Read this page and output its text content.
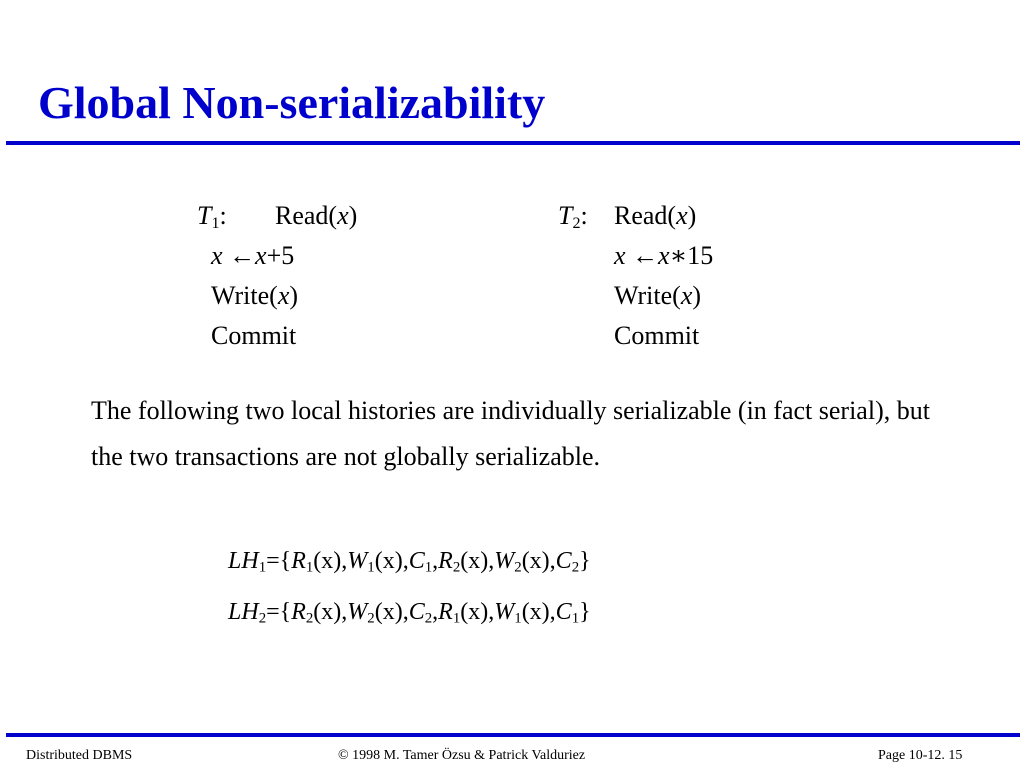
Global Non-serializability
$T_1$: Read(x)
x ←x+5
Write(x)
Commit
$T_2$: Read(x)
x ←x∗15
Write(x)
Commit
The following two local histories are individually serializable (in fact serial), but the two transactions are not globally serializable.
$LH_1=\{R_1(x),W_1(x),C_1,R_2(x),W_2(x),C_2\}$
$LH_2=\{R_2(x),W_2(x),C_2,R_1(x),W_1(x),C_1\}$
Distributed DBMS	© 1998 M. Tamer Özsu & Patrick Valduriez	Page 10-12. 15
